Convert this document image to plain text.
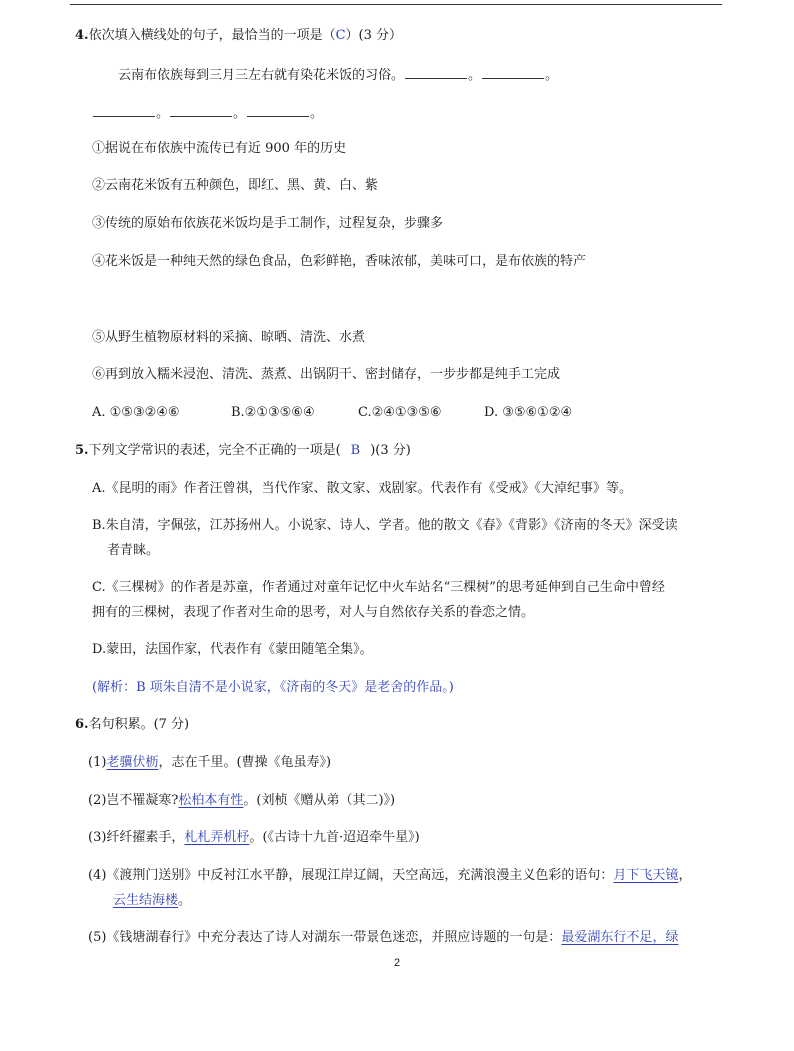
4.依次填入横线处的句子，最恰当的一项是（C）(3 分）
云南布依族每到三月三左右就有染花米饭的习俗。	。	。
。	。	。
①据说在布依族中流传已有近 900 年的历史
②云南花米饭有五种颜色，即红、黑、黄、白、紫
③传统的原始布依族花米饭均是手工制作，过程复杂，步骤多
④花米饭是一种纯天然的绿色食品，色彩鲜艳，香味浓郁，美味可口，是布依族的特产
⑤从野生植物原材料的采摘、晾晒、清洗、水煮
⑥再到放入糯米浸泡、清洗、蒸煮、出锅阴干、密封储存，一步步都是纯手工完成
A. ①⑤③②④⑥	B.②①③⑤⑥④	C.②④①③⑤⑥	D. ③⑤⑥①②④
5.下列文学常识的表述，完全不正确的一项是( B )(3 分)
A.《昆明的雨》作者汪曾祺，当代作家、散文家、戏剧家。代表作有《受戒》《大淖纪事》等。
B.朱自清，字佩弦，江苏扬州人。小说家、诗人、学者。他的散文《春》《背影》《济南的冬天》深受读
者青睐。
C.《三棵树》的作者是苏童，作者通过对童年记忆中火车站名“三棵树”的思考延伸到自己生命中曾经
拥有的三棵树，表现了作者对生命的思考，对人与自然依存关系的眷恋之情。
D.蒙田，法国作家，代表作有《蒙田随笔全集》。
(解析：B 项朱自清不是小说家，《济南的冬天》是老舍的作品。)
6.名句积累。(7 分)
(1)老骥伏枥，志在千里。(曹操《龟虽寿》)
(2)岂不罹凝寒?松柏本有性。(刘桢《赠从弟（其二)》)
(3)纤纤擢素手，札札弄机杼。(《古诗十九首·迢迢牵牛星》)
(4)《渡荆门送别》中反衬江水平静，展现江岸辽阔，天空高远，充满浪漫主义色彩的语句：月下飞天镜，
云生结海楼。
(5)《钱塘湖春行》中充分表达了诗人对湖东一带景色迷恋，并照应诗题的一句是：最爱湖东行不足，绿
2
